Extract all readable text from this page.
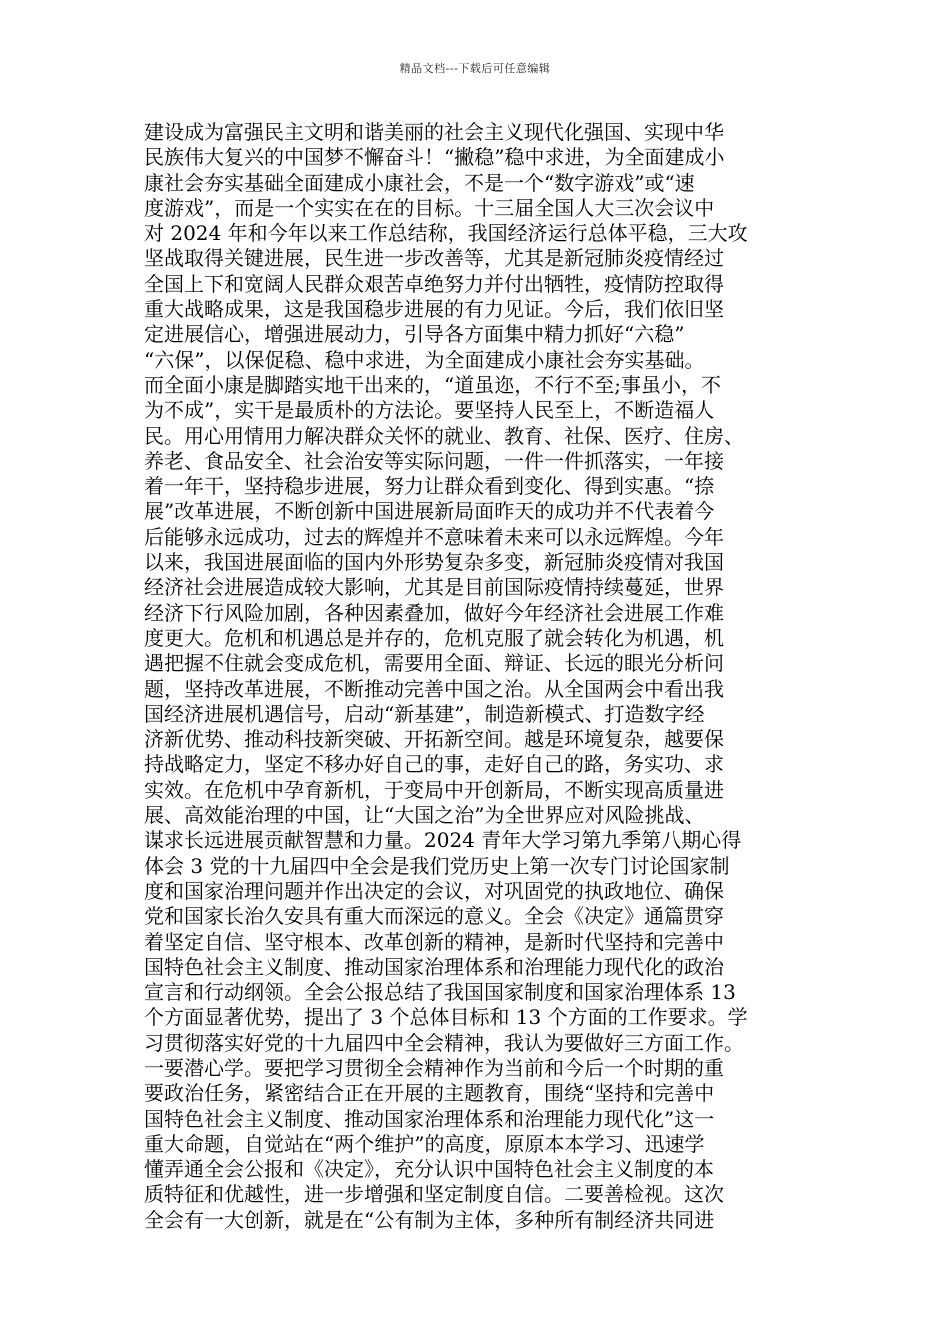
精品文档---下载后可任意编辑
建设成为富强民主文明和谐美丽的社会主义现代化强国、实现中华
民族伟大复兴的中国梦不懈奋斗！“撇稳”稳中求进，为全面建成小
康社会夯实基础全面建成小康社会，不是一个“数字游戏”或“速
度游戏”，而是一个实实在在的目标。十三届全国人大三次会议中
对 2024 年和今年以来工作总结称，我国经济运行总体平稳，三大攻
坚战取得关键进展，民生进一步改善等，尤其是新冠肺炎疫情经过
全国上下和宽阔人民群众艰苦卓绝努力并付出牺牲，疫情防控取得
重大战略成果，这是我国稳步进展的有力见证。今后，我们依旧坚
定进展信心，增强进展动力，引导各方面集中精力抓好“六稳”
“六保”，以保促稳、稳中求进，为全面建成小康社会夯实基础。
而全面小康是脚踏实地干出来的，“道虽迩，不行不至;事虽小，不
为不成”，实干是最质朴的方法论。要坚持人民至上，不断造福人
民。用心用情用力解决群众关怀的就业、教育、社保、医疗、住房、
养老、食品安全、社会治安等实际问题，一件一件抓落实，一年接
着一年干，坚持稳步进展，努力让群众看到变化、得到实惠。“捺
展”改革进展，不断创新中国进展新局面昨天的成功并不代表着今
后能够永远成功，过去的辉煌并不意味着未来可以永远辉煌。今年
以来，我国进展面临的国内外形势复杂多变，新冠肺炎疫情对我国
经济社会进展造成较大影响，尤其是目前国际疫情持续蔓延，世界
经济下行风险加剧，各种因素叠加，做好今年经济社会进展工作难
度更大。危机和机遇总是并存的，危机克服了就会转化为机遇，机
遇把握不住就会变成危机，需要用全面、辩证、长远的眼光分析问
题，坚持改革进展，不断推动完善中国之治。从全国两会中看出我
国经济进展机遇信号，启动“新基建”，制造新模式、打造数字经
济新优势、推动科技新突破、开拓新空间。越是环境复杂，越要保
持战略定力，坚定不移办好自己的事，走好自己的路，务实功、求
实效。在危机中孕育新机，于变局中开创新局，不断实现高质量进
展、高效能治理的中国，让“大国之治”为全世界应对风险挑战、
谋求长远进展贡献智慧和力量。2024 青年大学习第九季第八期心得
体会 3 党的十九届四中全会是我们党历史上第一次专门讨论国家制
度和国家治理问题并作出决定的会议，对巩固党的执政地位、确保
党和国家长治久安具有重大而深远的意义。全会《决定》通篇贯穿
着坚定自信、坚守根本、改革创新的精神，是新时代坚持和完善中
国特色社会主义制度、推动国家治理体系和治理能力现代化的政治
宣言和行动纲领。全会公报总结了我国国家制度和国家治理体系 13
个方面显著优势，提出了 3 个总体目标和 13 个方面的工作要求。学
习贯彻落实好党的十九届四中全会精神，我认为要做好三方面工作。
一要潜心学。要把学习贯彻全会精神作为当前和今后一个时期的重
要政治任务，紧密结合正在开展的主题教育，围绕“坚持和完善中
国特色社会主义制度、推动国家治理体系和治理能力现代化”这一
重大命题，自觉站在“两个维护”的高度，原原本本学习、迅速学
懂弄通全会公报和《决定》，充分认识中国特色社会主义制度的本
质特征和优越性，进一步增强和坚定制度自信。二要善检视。这次
全会有一大创新，就是在“公有制为主体，多种所有制经济共同进
